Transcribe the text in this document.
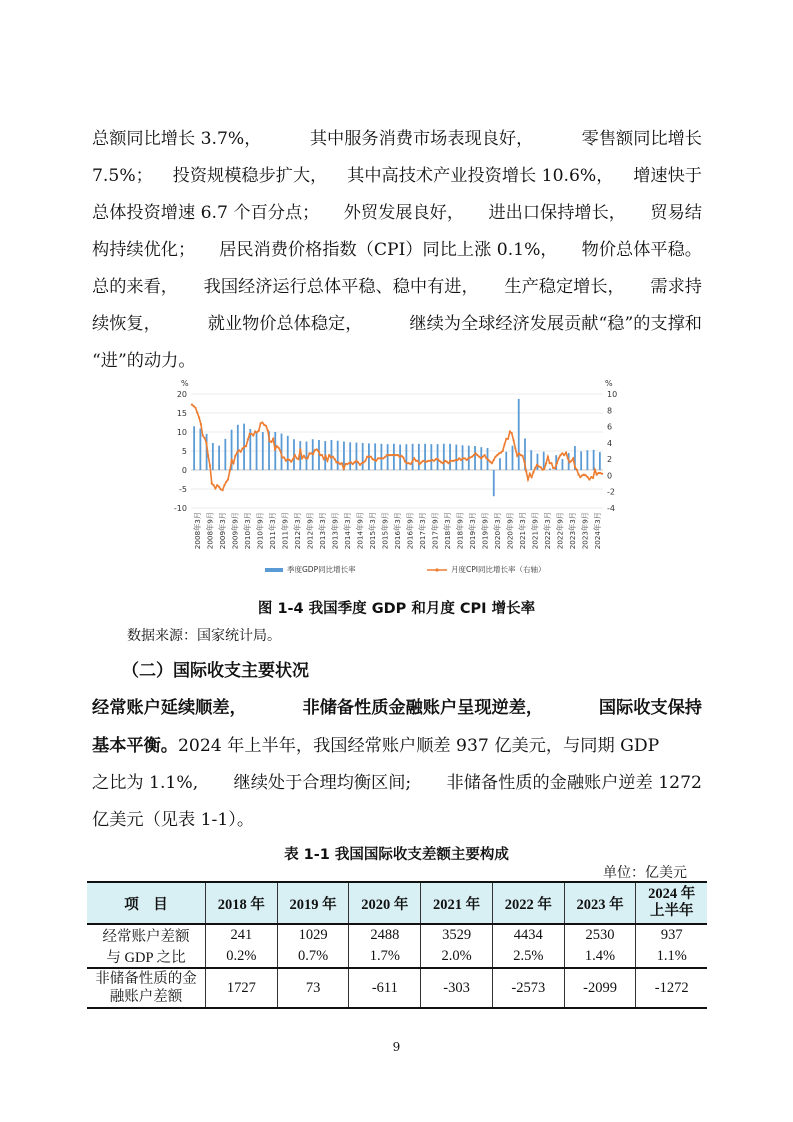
总额同比增长 3.7%，	其中服务消费市场表现良好，	零售额同比增长
7.5%； 投资规模稳步扩大， 其中高技术产业投资增长 10.6%， 增速快于
总体投资增速 6.7 个百分点； 外贸发展良好， 进出口保持增长， 贸易结
构持续优化； 居民消费价格指数（CPI）同比上涨 0.1%， 物价总体平稳。
总的来看， 我国经济运行总体平稳、稳中有进， 生产稳定增长， 需求持
续恢复，	就业物价总体稳定，	继续为全球经济发展贡献“稳”的支撑和
“进”的动力。
20
15
10
5
0
-5
-10
10
8
6
4
2
0
-2
-4
%	%
2008年3月 2008年9月 2009年3月 2009年9月 2010年3月 2010年9月 2011年3月 2011年9月 2012年3月 2012年9月 2013年3月 2013年9月 2014年3月 2014年9月 2015年3月 2015年9月 2016年3月 2016年9月 2017年3月 2017年9月 2018年3月 2018年9月 2019年3月 2019年9月 2020年3月 2020年9月 2021年3月 2021年9月 2022年3月 2022年9月 2023年3月 2023年9月 2024年3月
季度GDP同比增长率	月度CPI同比增长率（右轴）
图 1-4 我国季度 GDP 和月度 CPI 增长率
数据来源：国家统计局。
（二）国际收支主要状况
经常账户延续顺差，	非储备性质金融账户呈现逆差，	国际收支保持
基本平衡。2024 年上半年，我国经常账户顺差 937 亿美元，与同期 GDP
之比为 1.1%, 继续处于合理均衡区间; 非储备性质的金融账户逆差 1272
亿美元（见表 1-1）。
表 1-1 我国国际收支差额主要构成
单位：亿美元
项　目	2018 年	2019 年	2020 年	2021 年	2022 年	2023 年	2024 年
上半年

经常账户差额	241	1029	2488	3529	4434	2530	937
与 GDP 之比	0.2%	0.7%	1.7%	2.0%	2.5%	1.4%	1.1%

非储备性质的金
融账户差额	1727	73	-611	-303	-2573	-2099	-1272
9
